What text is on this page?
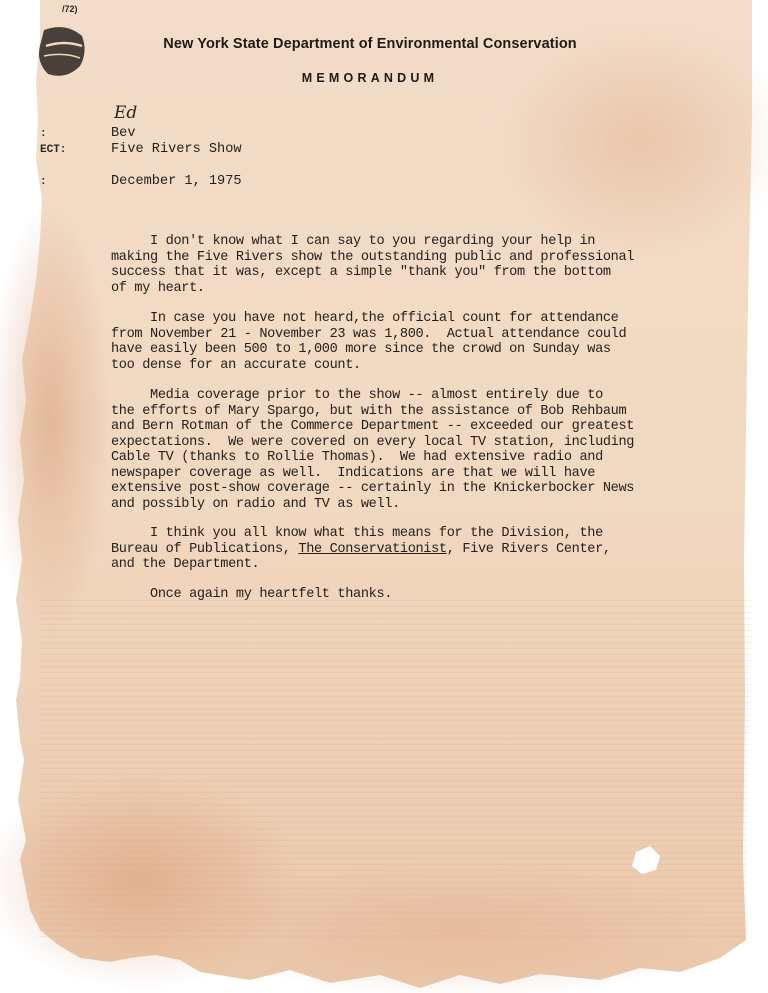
/72)
New York State Department of Environmental Conservation
MEMORANDUM
Ed
:
ECT:
:
Bev
Five Rivers Show
December 1, 1975
I don't know what I can say to you regarding your help in
making the Five Rivers show the outstanding public and professional
success that it was, except a simple "thank you" from the bottom
of my heart.
In case you have not heard,the official count for attendance
from November 21 - November 23 was 1,800.  Actual attendance could
have easily been 500 to 1,000 more since the crowd on Sunday was
too dense for an accurate count.
Media coverage prior to the show -- almost entirely due to
the efforts of Mary Spargo, but with the assistance of Bob Rehbaum
and Bern Rotman of the Commerce Department -- exceeded our greatest
expectations.  We were covered on every local TV station, including
Cable TV (thanks to Rollie Thomas).  We had extensive radio and
newspaper coverage as well.  Indications are that we will have
extensive post-show coverage -- certainly in the Knickerbocker News
and possibly on radio and TV as well.
I think you all know what this means for the Division, the
Bureau of Publications, The Conservationist, Five Rivers Center,
and the Department.
Once again my heartfelt thanks.
